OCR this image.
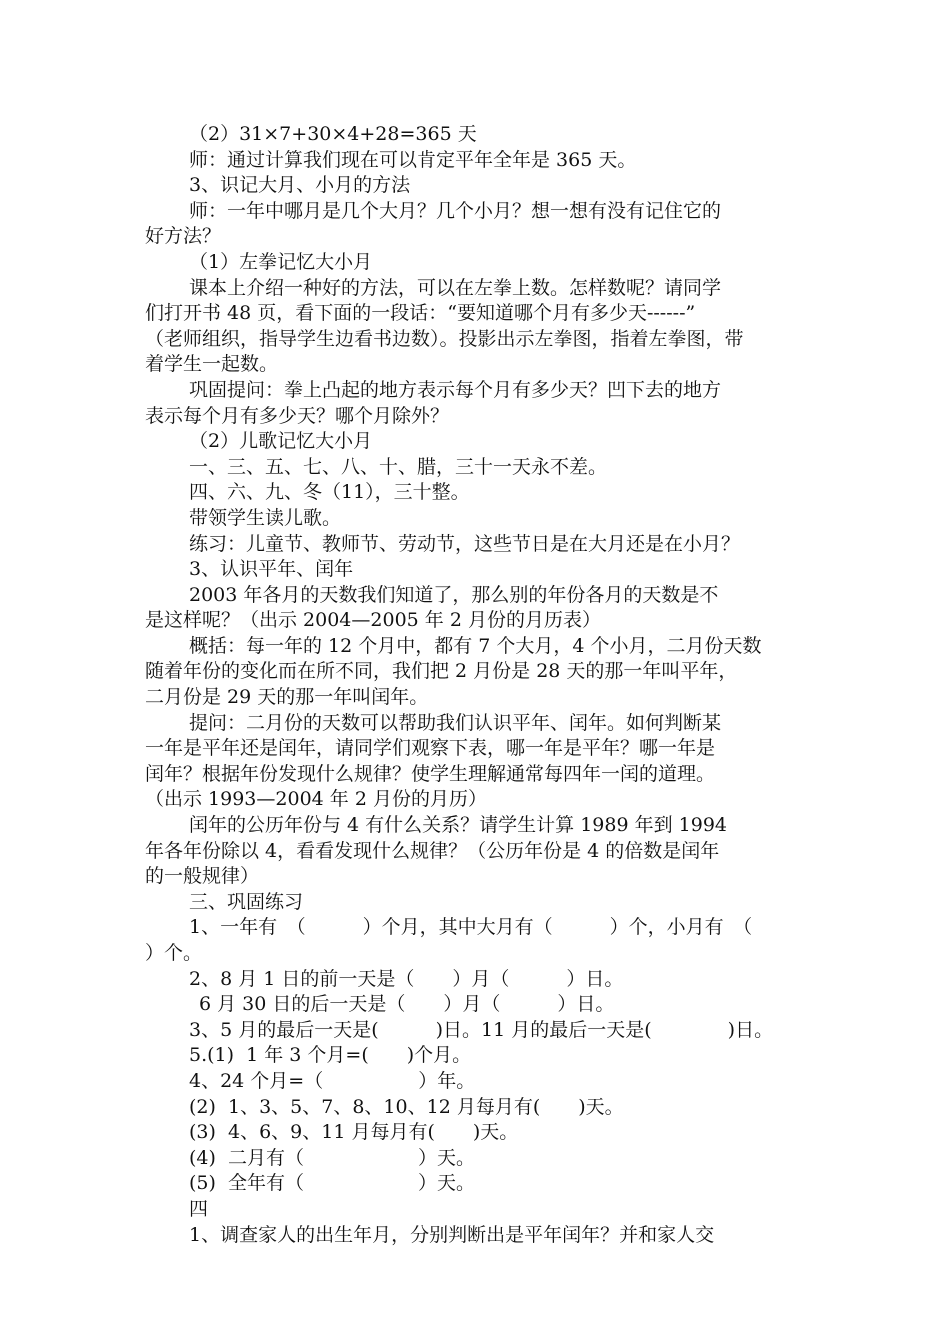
（2）31×7+30×4+28=365 天
师：通过计算我们现在可以肯定平年全年是 365 天。
3、识记大月、小月的方法
师：一年中哪月是几个大月？几个小月？想一想有没有记住它的
好方法？
（1）左拳记忆大小月
课本上介绍一种好的方法，可以在左拳上数。怎样数呢？请同学
们打开书 48 页，看下面的一段话：“要知道哪个月有多少天------”
（老师组织，指导学生边看书边数）。投影出示左拳图，指着左拳图，带
着学生一起数。
巩固提问：拳上凸起的地方表示每个月有多少天？凹下去的地方
表示每个月有多少天？哪个月除外？
（2）儿歌记忆大小月
一、三、五、七、八、十、腊，三十一天永不差。
四、六、九、冬（11），三十整。
带领学生读儿歌。
练习：儿童节、教师节、劳动节，这些节日是在大月还是在小月？
3、认识平年、闰年
2003 年各月的天数我们知道了，那么别的年份各月的天数是不
是这样呢？（出示 2004—2005 年 2 月份的月历表）
概括：每一年的 12 个月中，都有 7 个大月，4 个小月，二月份天数
随着年份的变化而在所不同，我们把 2 月份是 28 天的那一年叫平年，
二月份是 29 天的那一年叫闰年。
提问：二月份的天数可以帮助我们认识平年、闰年。如何判断某
一年是平年还是闰年，请同学们观察下表，哪一年是平年？哪一年是
闰年？根据年份发现什么规律？使学生理解通常每四年一闰的道理。
（出示 1993—2004 年 2 月份的月历）
闰年的公历年份与 4 有什么关系？请学生计算 1989 年到 1994
年各年份除以 4，看看发现什么规律？（公历年份是 4 的倍数是闰年
的一般规律）
三、巩固练习
1、一年有　（　　　）个月，其中大月有（　　　）个，小月有　（
）个。
2、8 月 1 日的前一天是（　　）月（　　　）日。
6 月 30 日的后一天是（　　）月（　　　）日。
3、5 月的最后一天是(　　　)日。11 月的最后一天是(　　　　)日。
5.(1)  1 年 3 个月=(　　)个月。
4、24 个月=（　　　　　）年。
(2)  1、3、5、7、8、10、12 月每月有(　　)天。
(3)  4、6、9、11 月每月有(　　)天。
(4)  二月有（　　　　　　）天。
(5)  全年有（　　　　　　）天。
四
1、调查家人的出生年月，分别判断出是平年闰年？并和家人交
